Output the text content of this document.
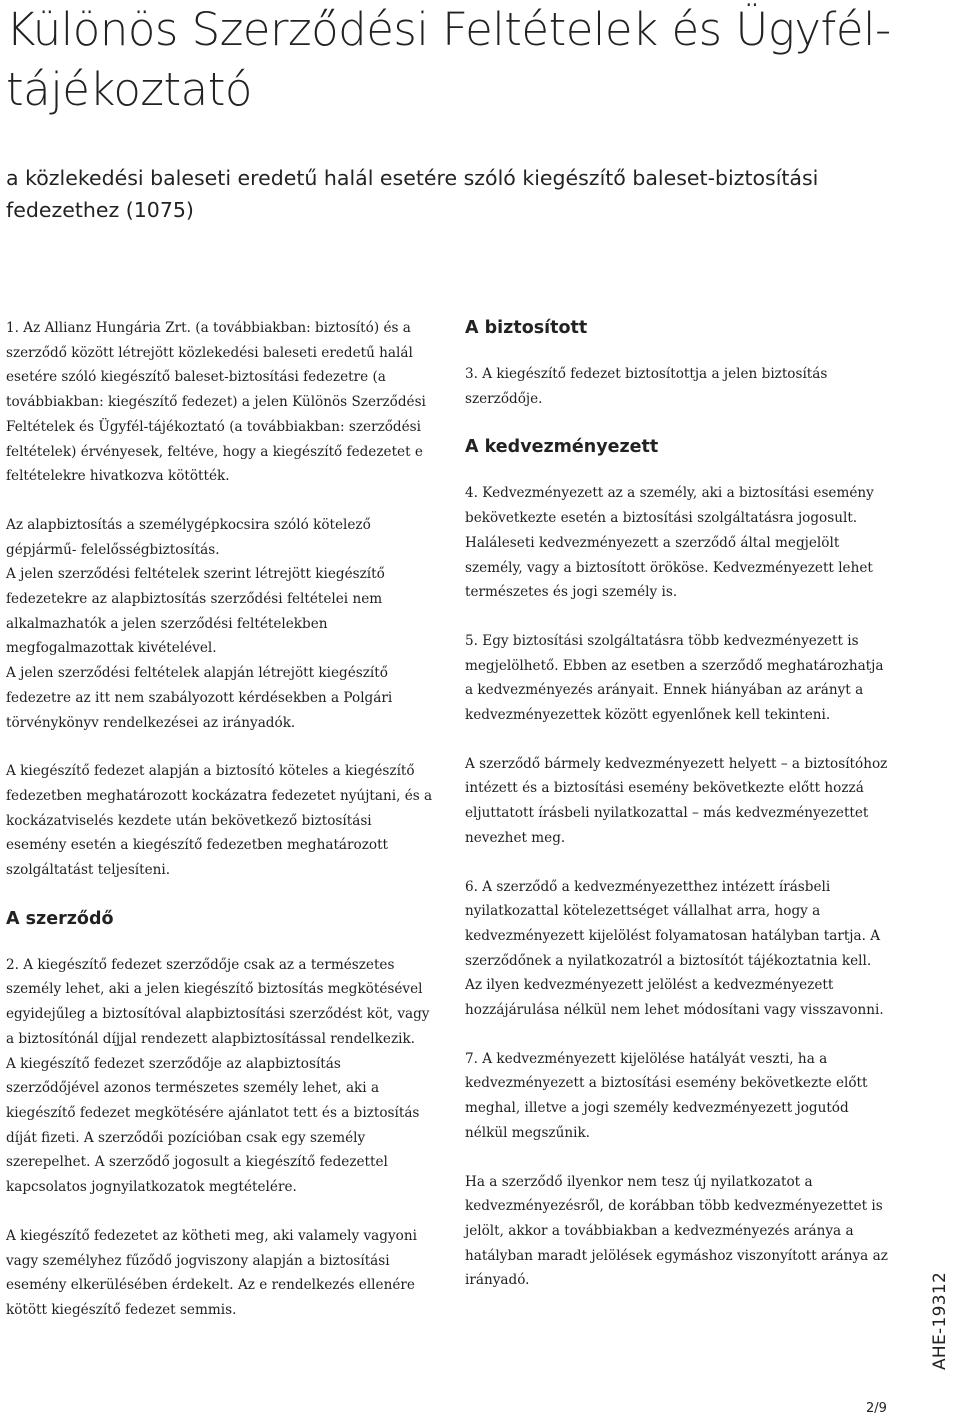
Különös Szerződési Feltételek és Ügyfél-tájékoztató
a közlekedési baleseti eredetű halál esetére szóló kiegészítő baleset-biztosítási fedezethez (1075)

1. Az Allianz Hungária Zrt. (a továbbiakban: biztosító) és a szerződő között létrejött közlekedési baleseti eredetű halál esetére szóló kiegészítő baleset-biztosítási fedezetre (a továbbiakban: kiegészítő fedezet) a jelen Különös Szerződési Feltételek és Ügyfél-tájékoztató (a továbbiakban: szerződési feltételek) érvényesek, feltéve, hogy a kiegészítő fedezetet e feltételekre hivatkozva kötötték.

Az alapbiztosítás a személygépkocsira szóló kötelező gépjármű- felelősségbiztosítás.

A jelen szerződési feltételek szerint létrejött kiegészítő fedezetekre az alapbiztosítás szerződési feltételei nem alkalmazhatók a jelen szerződési feltételekben megfogalmazottak kivételével.

A jelen szerződési feltételek alapján létrejött kiegészítő fedezetre az itt nem szabályozott kérdésekben a Polgári törvénykönyv rendelkezései az irányadók.

A kiegészítő fedezet alapján a biztosító köteles a kiegészítő fedezetben meghatározott kockázatra fedezetet nyújtani, és a kockázatviselés kezdete után bekövetkező biztosítási esemény esetén a kiegészítő fedezetben meghatározott szolgáltatást teljesíteni.

A szerződő

2. A kiegészítő fedezet szerződője csak az a természetes személy lehet, aki a jelen kiegészítő biztosítás megkötésével egyidejűleg a biztosítóval alapbiztosítási szerződést köt, vagy a biztosítónál díjjal rendezett alapbiztosítással rendelkezik.

A kiegészítő fedezet szerződője az alapbiztosítás szerződőjével azonos természetes személy lehet, aki a kiegészítő fedezet megkötésére ajánlatot tett és a biztosítás díját fizeti. A szerződői pozícióban csak egy személy szerepelhet. A szerződő jogosult a kiegészítő fedezettel kapcsolatos jognyilatkozatok megtételére.

A kiegészítő fedezetet az kötheti meg, aki valamely vagyoni vagy személyhez fűződő jogviszony alapján a biztosítási esemény elkerülésében érdekelt. Az e rendelkezés ellenére kötött kiegészítő fedezet semmis.

A biztosított

3. A kiegészítő fedezet biztosítottja a jelen biztosítás szerződője.

A kedvezményezett

4. Kedvezményezett az a személy, aki a biztosítási esemény bekövetkezte esetén a biztosítási szolgáltatásra jogosult. Haláleseti kedvezményezett a szerződő által megjelölt személy, vagy a biztosított örököse. Kedvezményezett lehet természetes és jogi személy is.

5. Egy biztosítási szolgáltatásra több kedvezményezett is megjelölhető. Ebben az esetben a szerződő meghatározhatja a kedvezményezés arányait. Ennek hiányában az arányt a kedvezményezettek között egyenlőnek kell tekinteni.

A szerződő bármely kedvezményezett helyett – a biztosítóhoz intézett és a biztosítási esemény bekövetkezte előtt hozzá eljuttatott írásbeli nyilatkozattal – más kedvezményezettet nevezhet meg.

6. A szerződő a kedvezményezetthez intézett írásbeli nyilatkozattal kötelezettséget vállalhat arra, hogy a kedvezményezett kijelölést folyamatosan hatályban tartja. A szerződőnek a nyilatkozatról a biztosítót tájékoztatnia kell. Az ilyen kedvezményezett jelölést a kedvezményezett hozzájárulása nélkül nem lehet módosítani vagy visszavonni.

7. A kedvezményezett kijelölése hatályát veszti, ha a kedvezményezett a biztosítási esemény bekövetkezte előtt meghal, illetve a jogi személy kedvezményezett jogutód nélkül megszűnik.

Ha a szerződő ilyenkor nem tesz új nyilatkozatot a kedvezményezésről, de korábban több kedvezményezettet is jelölt, akkor a továbbiakban a kedvezményezés aránya a hatályban maradt jelölések egymáshoz viszonyított aránya az irányadó.	AHE-19312
2/9
